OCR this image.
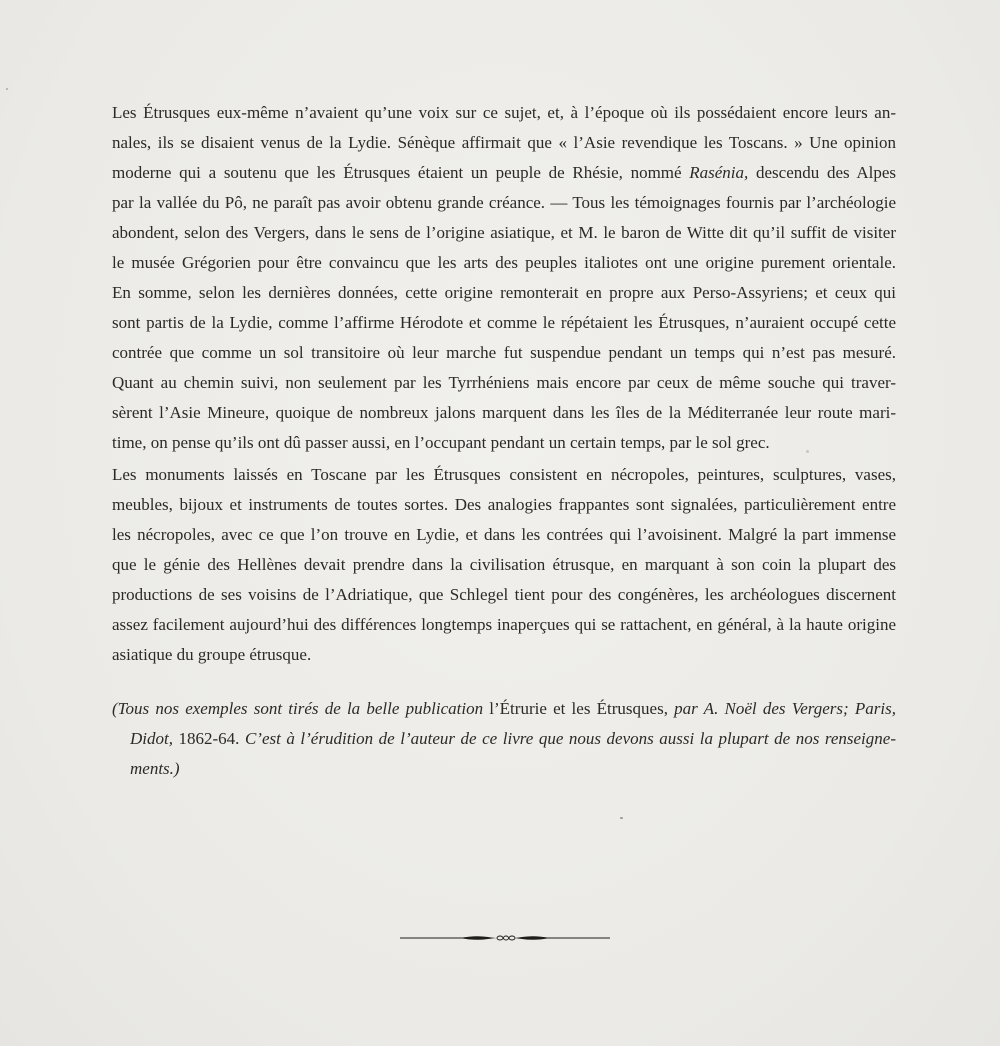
Les Étrusques eux-même n’avaient qu’une voix sur ce sujet, et, à l’époque où ils possédaient encore leurs an-
nales, ils se disaient venus de la Lydie. Sénèque affirmait que « l’Asie revendique les Toscans. » Une opinion
moderne qui a soutenu que les Étrusques étaient un peuple de Rhésie, nommé Rasénia, descendu des Alpes
par la vallée du Pô, ne paraît pas avoir obtenu grande créance. — Tous les témoignages fournis par l’archéologie
abondent, selon des Vergers, dans le sens de l’origine asiatique, et M. le baron de Witte dit qu’il suffit de visiter
le musée Grégorien pour être convaincu que les arts des peuples italiotes ont une origine purement orientale.
En somme, selon les dernières données, cette origine remonterait en propre aux Perso-Assyriens; et ceux qui
sont partis de la Lydie, comme l’affirme Hérodote et comme le répétaient les Étrusques, n’auraient occupé cette
contrée que comme un sol transitoire où leur marche fut suspendue pendant un temps qui n’est pas mesuré.
Quant au chemin suivi, non seulement par les Tyrrhéniens mais encore par ceux de même souche qui traver-
sèrent l’Asie Mineure, quoique de nombreux jalons marquent dans les îles de la Méditerranée leur route mari-
time, on pense qu’ils ont dû passer aussi, en l’occupant pendant un certain temps, par le sol grec.
Les monuments laissés en Toscane par les Étrusques consistent en nécropoles, peintures, sculptures, vases,
meubles, bijoux et instruments de toutes sortes. Des analogies frappantes sont signalées, particulièrement entre
les nécropoles, avec ce que l’on trouve en Lydie, et dans les contrées qui l’avoisinent. Malgré la part immense
que le génie des Hellènes devait prendre dans la civilisation étrusque, en marquant à son coin la plupart des
productions de ses voisins de l’Adriatique, que Schlegel tient pour des congénères, les archéologues discernent
assez facilement aujourd’hui des différences longtemps inaperçues qui se rattachent, en général, à la haute origine
asiatique du groupe étrusque.
(Tous nos exemples sont tirés de la belle publication l’Étrurie et les Étrusques, par A. Noël des Vergers; Paris,
Didot, 1862-64. C’est à l’érudition de l’auteur de ce livre que nous devons aussi la plupart de nos renseigne-
ments.)
